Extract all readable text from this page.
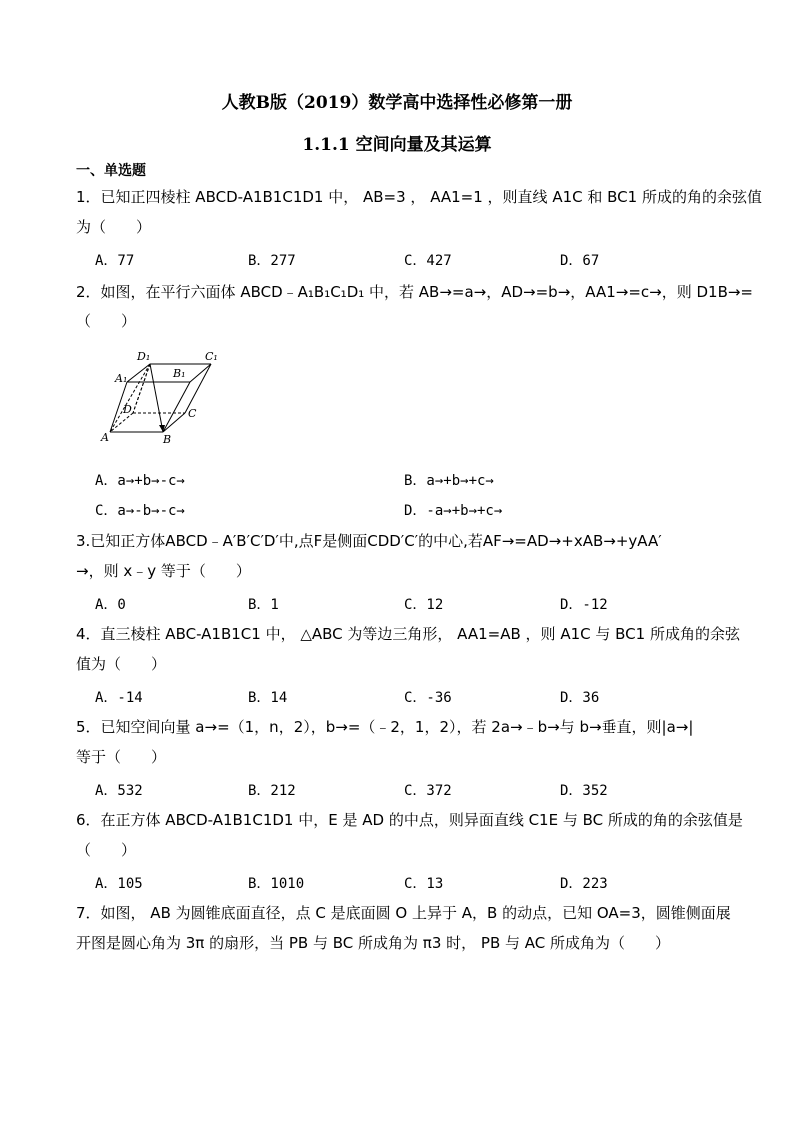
人教B版（2019）数学高中选择性必修第一册
1.1.1 空间向量及其运算
一、单选题
1．已知正四棱柱 ABCD-A1B1C1D1 中， AB=3 ， AA1=1 ，则直线 A1C 和 BC1 所成的角的余弦值
为（　　）
A．77	B．277	C．427	D．67
2．如图，在平行六面体 ABCD﹣A₁B₁C₁D₁ 中，若 AB→=a→，AD→=b→，AA1→=c→，则 D1B→=
（　　）
D₁	C₁
A₁	B₁
D	C
A	B
A．a→+b→-c→	B．a→+b→+c→
C．a→-b→-c→	D．-a→+b→+c→
3.已知正方体ABCD﹣A′B′C′D′中,点F是侧面CDD′C′的中心,若AF→=AD→+xAB→+yAA′
→，则 x﹣y 等于（　　）
A．0	B．1	C．12	D．-12
4．直三棱柱 ABC-A1B1C1 中， △ABC 为等边三角形， AA1=AB ，则 A1C 与 BC1 所成角的余弦
值为（　　）
A．-14	B．14	C．-36	D．36
5．已知空间向量 a→=（1，n，2），b→=（﹣2，1，2），若 2a→﹣b→与 b→垂直，则|a→|
等于（　　）
A．532	B．212	C．372	D．352
6．在正方体 ABCD-A1B1C1D1 中，E 是 AD 的中点，则异面直线 C1E 与 BC 所成的角的余弦值是
（　　）
A．105	B．1010	C．13	D．223
7．如图， AB 为圆锥底面直径，点 C 是底面圆 O 上异于 A，B 的动点，已知 OA=3，圆锥侧面展
开图是圆心角为 3π 的扇形，当 PB 与 BC 所成角为 π3 时， PB 与 AC 所成角为（　　）
